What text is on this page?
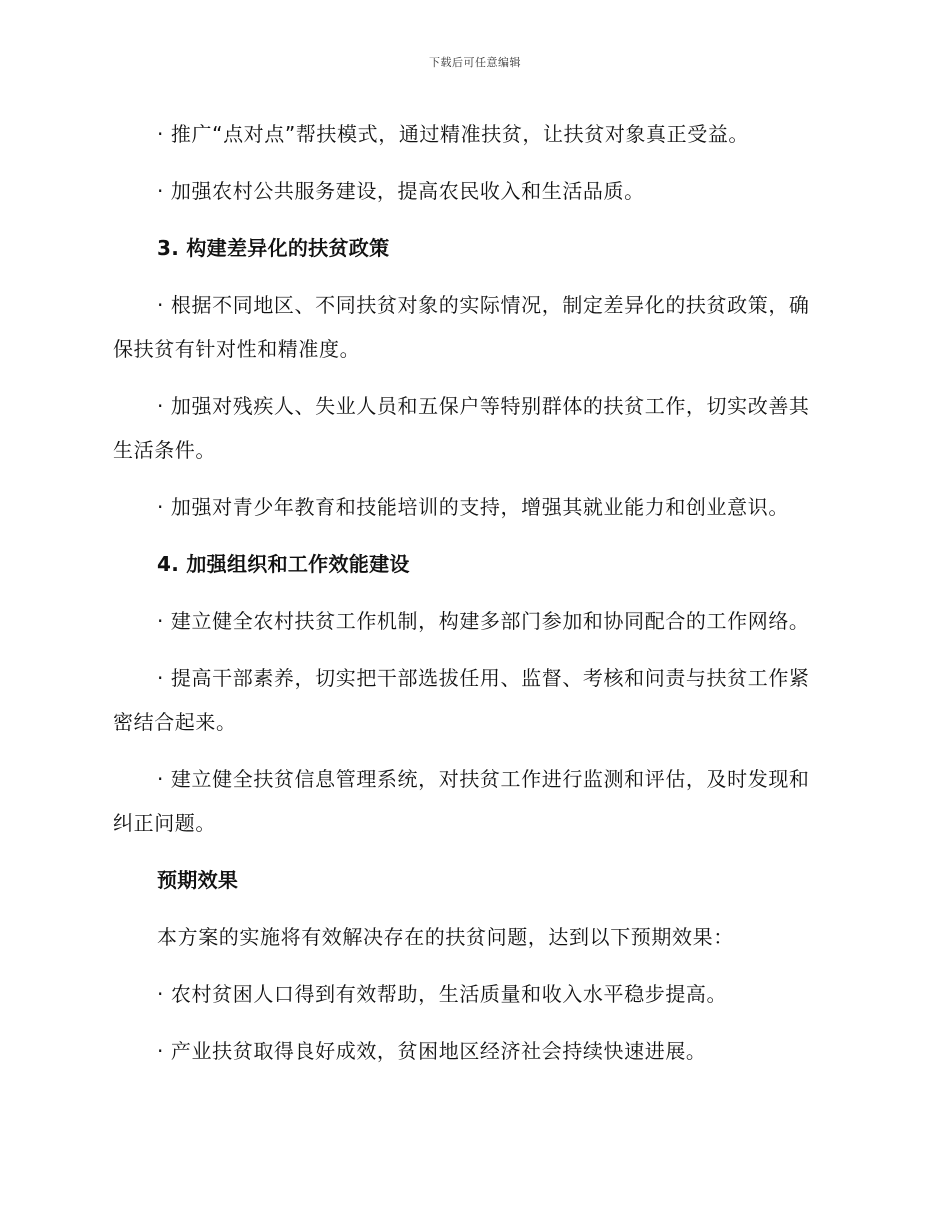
下载后可任意编辑

· 推广“点对点”帮扶模式，通过精准扶贫，让扶贫对象真正受益。

· 加强农村公共服务建设，提高农民收入和生活品质。

3. 构建差异化的扶贫政策

· 根据不同地区、不同扶贫对象的实际情况，制定差异化的扶贫政策，确保扶贫有针对性和精准度。

· 加强对残疾人、失业人员和五保户等特别群体的扶贫工作，切实改善其生活条件。

· 加强对青少年教育和技能培训的支持，增强其就业能力和创业意识。

4. 加强组织和工作效能建设

· 建立健全农村扶贫工作机制，构建多部门参加和协同配合的工作网络。

· 提高干部素养，切实把干部选拔任用、监督、考核和问责与扶贫工作紧密结合起来。

· 建立健全扶贫信息管理系统，对扶贫工作进行监测和评估，及时发现和纠正问题。

预期效果

本方案的实施将有效解决存在的扶贫问题，达到以下预期效果：

· 农村贫困人口得到有效帮助，生活质量和收入水平稳步提高。

· 产业扶贫取得良好成效，贫困地区经济社会持续快速进展。
